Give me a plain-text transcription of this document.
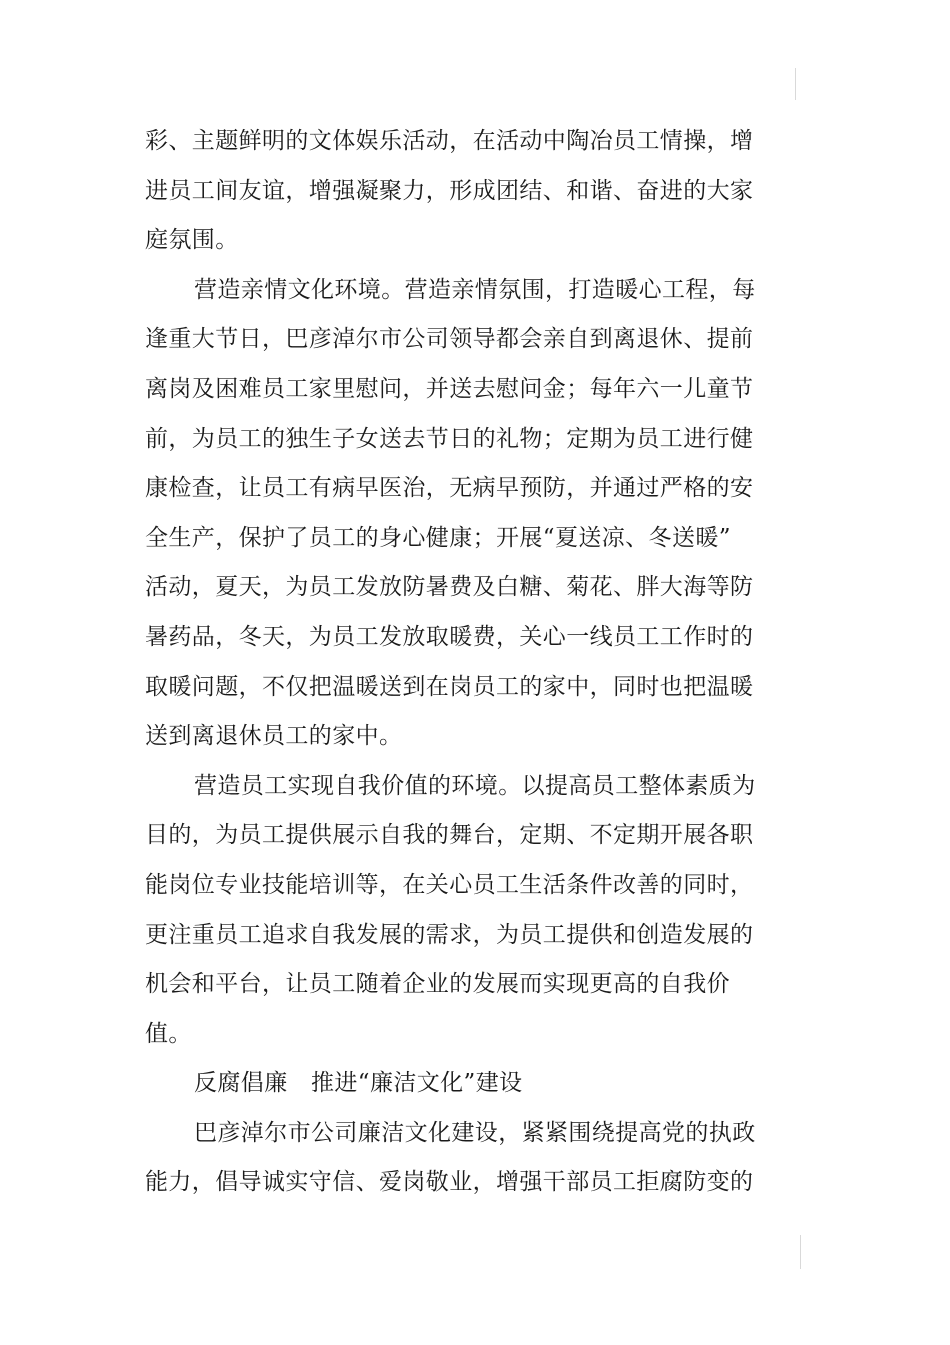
彩、主题鲜明的文体娱乐活动，在活动中陶冶员工情操，增
进员工间友谊，增强凝聚力，形成团结、和谐、奋进的大家
庭氛围。
营造亲情文化环境。营造亲情氛围，打造暖心工程，每
逢重大节日，巴彦淖尔市公司领导都会亲自到离退休、提前
离岗及困难员工家里慰问，并送去慰问金；每年六一儿童节
前，为员工的独生子女送去节日的礼物；定期为员工进行健
康检查，让员工有病早医治，无病早预防，并通过严格的安
全生产，保护了员工的身心健康；开展“夏送凉、冬送暖”
活动，夏天，为员工发放防暑费及白糖、菊花、胖大海等防
暑药品，冬天，为员工发放取暖费，关心一线员工工作时的
取暖问题，不仅把温暖送到在岗员工的家中，同时也把温暖
送到离退休员工的家中。
营造员工实现自我价值的环境。以提高员工整体素质为
目的，为员工提供展示自我的舞台，定期、不定期开展各职
能岗位专业技能培训等，在关心员工生活条件改善的同时，
更注重员工追求自我发展的需求，为员工提供和创造发展的
机会和平台，让员工随着企业的发展而实现更高的自我价
值。
反腐倡廉　推进“廉洁文化”建设
巴彦淖尔市公司廉洁文化建设，紧紧围绕提高党的执政
能力，倡导诚实守信、爱岗敬业，增强干部员工拒腐防变的
